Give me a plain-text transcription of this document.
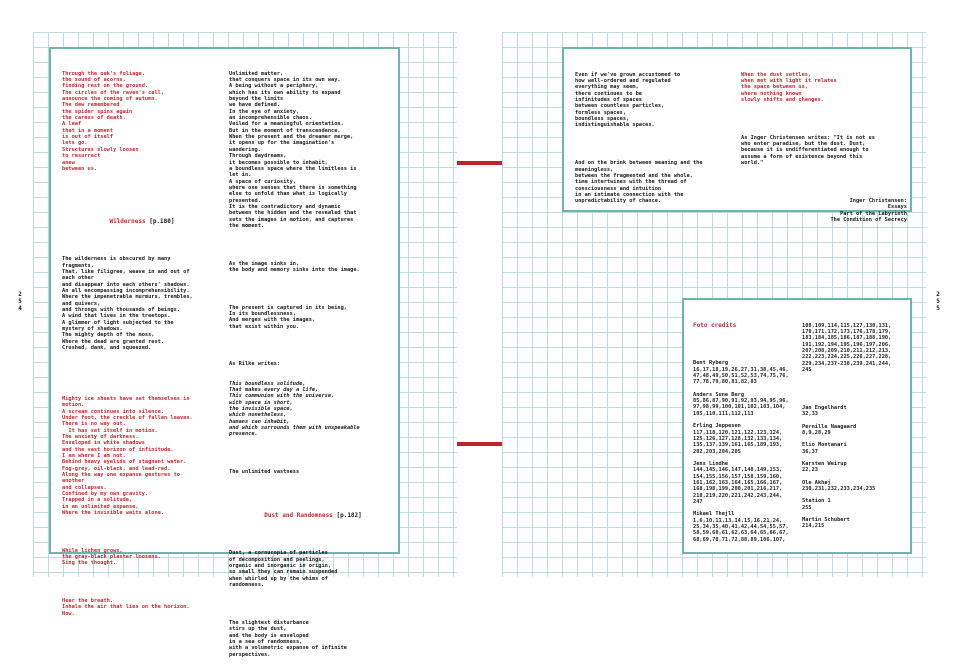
2
5
4
2
5
5

Through the oak's foliage,
the sound of acorns,
finding rest on the ground.
The circles of the raven's call,
announce the coming of autumn.
The dew remembered
the spider spins again
the caress of death.
A leaf
that in a moment
is out of itself
lets go.
Structures slowly loosen
to resurrect
anew
between us.

Wilderness [p.180]

The wilderness is obscured by many
fragments,
That, like filigree, weave in and out of
each other
and disappear into each others' shadows.
An all encompassing incomprehensibility.
Where the impenetrable murmurs, trembles,
and quivers,
and throngs with thousands of beings.
A wind that lives in the treetops.
A glimmer of light subjected to the
mystery of shadows.
The mighty depth of the moss,
Where the dead are granted rest.
Crushed, dank, and squeezed.

Mighty ice sheets have set themselves in
motion.
A scream continues into silence.
Under foot, the crackle of fallen leaves.
There is no way out.
It has set itself in motion.
The anxiety of darkness.
Enveloped in white shadows
and the vast horizon of infinitude.
I am where I am not.
Behind heavy eyelids of stagnant water.
Fog-grey, oil-black, and lead-red.
Along the way one expanse gestures to
another
and collapses.
Confined by my own gravity.
Trapped in a solitude,
in an unlimited expanse,
Where the invisible waits alone.

While lichen grows,
the gray-black plaster loosens.
Sing the thought.

Hear the breath.
Inhale the air that lies on the horizon.
Now.

Unlimited matter,
that conquers space in its own way.
A being without a periphery,
which has its own ability to expand
beyond the limits
we have defined.
In the eye of anxiety,
an incomprehensible chaos.
Veiled for a meaningful orientation,
But in the moment of transcendence,
When the present and the dreamer merge,
it opens up for the imagination's
wandering.
Through daydreams,
it becomes possible to inhabit,
a boundless space where the limitless is
let in.
A space of curiosity,
where one senses that there is something
else to unfold than what is logically
presented.
It is the contradictory and dynamic
between the hidden and the revealed that
sets the images in motion, and captures
the moment.

As the image sinks in,
the body and memory sinks into the image.

The present is captured in its being,
In its boundlessness,
And merges with the images,
that exist within you.

As Rilke writes:

This boundless solitude,
That makes every day a life,
This communion with the universe,
with space in short,
the invisible space,
which nonetheless,
humans can inhabit,
and which surrounds them with unspeakable
presence.

The unlimited vastness

Dust and Randomness [p.182]

Dust, a cornucopia of particles
of decomposition and peelings,
organic and inorganic in origin,
so small they can remain suspended
when whirled up by the whims of
randomness.

The slightest disturbance
stirs up the dust,
and the body is enveloped
in a sea of randomness,
with a volumetric expanse of infinite
perspectives.

Even if we've grown accustomed to
how well-ordered and regulated
everything may seem,
there continues to be
infinitudes of spaces
between countless particles,
formless spaces,
boundless spaces,
indistinguishable spaces.

And on the brink between meaning and the
meaningless,
between the fragmented and the whole,
time intertwines with the thread of
consciousness and intuition
in an intimate connection with the
unpredictability of chance.

When the dust settles,
when met with light it relates
the space between us,
where nothing known
slowly shifts and changes.

As Inger Christensen writes: "It is not us
who enter paradise, but the dust. Dust,
because it is undifferentiated enough to
assume a form of existence beyond this
world."

Inger Christensen:
Essays
Part of the Labyrinth
The Condition of Secrecy

Foto credits

Bent Ryberg
16,17,18,19,26,27,31,38,45,46,
47,48,49,50,51,52,53,74,75,76,
77,78,79,80,81,82,83
Anders Sune Berg
85,86,87,90,91,92,93,94,95,96,
97,98,99,100,101,102,103,104,
105,110,111,112,113
Erling Jeppesen
117,118,120,121,122,123,124,
125,126,127,128,132,133,134,
135,137,139,161,165,189,193,
202,203,204,205
Jens Lindhe
144,145,146,147,148,149,153,
154,155,156,157,158,159,160,
161,162,163,164,165,166,167,
168,198,199,200,201,216,217,
218,219,220,221,242,243,244,
247
Mikael Thejll
1,6,10,11,13,14,15,16,21,24,
25,34,35,40,41,42,44,54,55,57,
58,59,60,61,62,63,64,65,66,67,
68,69,70,71,72,88,89,106,107,

108,109,114,115,127,130,131,
170,171,172,173,176,178,179,
183,184,185,186,187,188,190,
191,192,194,195,196,197,206,
207,208,209,210,211,212,213,
222,223,224,225,226,227,228,
229,234,237-238,239,241,244,
245

Jan Engelhardt
32,33
Pernille Naagaard
8,9,28,29
Elio Montanari
36,37
Karsten Weirup
22,23
Ole Akhøj
230,231,232,233,234,235
Station 1
255
Martin Schubert
214,215
